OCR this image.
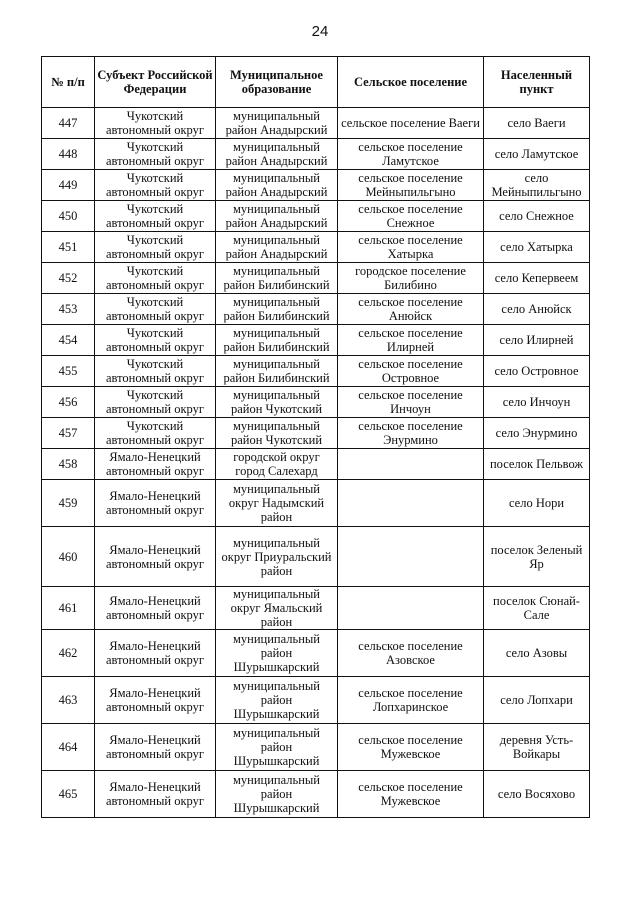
24
№ п/п	Субъект Российской Федерации	Муниципальное образование	Сельское поселение	Населенный пункт
447	Чукотский автономный округ	муниципальный район Анадырский	сельское поселение Ваеги	село Ваеги
448	Чукотский автономный округ	муниципальный район Анадырский	сельское поселение Ламутское	село Ламутское
449	Чукотский автономный округ	муниципальный район Анадырский	сельское поселение Мейныпильгыно	село Мейныпильгыно
450	Чукотский автономный округ	муниципальный район Анадырский	сельское поселение Снежное	село Снежное
451	Чукотский автономный округ	муниципальный район Анадырский	сельское поселение Хатырка	село Хатырка
452	Чукотский автономный округ	муниципальный район Билибинский	городское поселение Билибино	село Кепервеем
453	Чукотский автономный округ	муниципальный район Билибинский	сельское поселение Анюйск	село Анюйск
454	Чукотский автономный округ	муниципальный район Билибинский	сельское поселение Илирней	село Илирней
455	Чукотский автономный округ	муниципальный район Билибинский	сельское поселение Островное	село Островное
456	Чукотский автономный округ	муниципальный район Чукотский	сельское поселение Инчоун	село Инчоун
457	Чукотский автономный округ	муниципальный район Чукотский	сельское поселение Энурмино	село Энурмино
458	Ямало-Ненецкий автономный округ	городской округ город Салехард		поселок Пельвож
459	Ямало-Ненецкий автономный округ	муниципальный округ Надымский район		село Нори
460	Ямало-Ненецкий автономный округ	муниципальный округ Приуральский район		поселок Зеленый Яр
461	Ямало-Ненецкий автономный округ	муниципальный округ Ямальский район		поселок Сюнай-Сале
462	Ямало-Ненецкий автономный округ	муниципальный район Шурышкарский	сельское поселение Азовское	село Азовы
463	Ямало-Ненецкий автономный округ	муниципальный район Шурышкарский	сельское поселение Лопхаринское	село Лопхари
464	Ямало-Ненецкий автономный округ	муниципальный район Шурышкарский	сельское поселение Мужевское	деревня Усть-Войкары
465	Ямало-Ненецкий автономный округ	муниципальный район Шурышкарский	сельское поселение Мужевское	село Восяхово
